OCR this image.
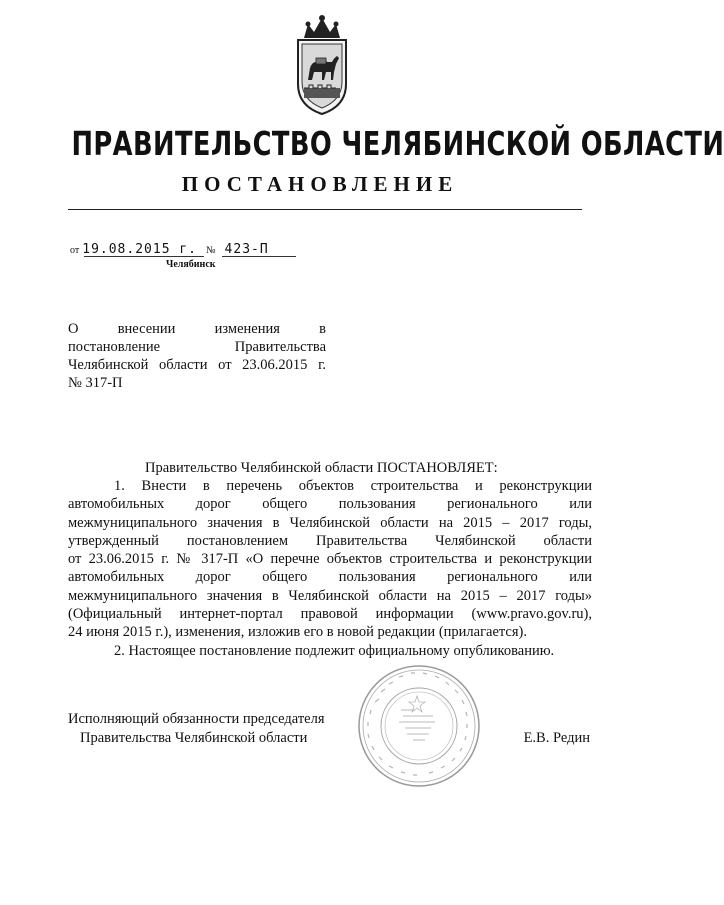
ПРАВИТЕЛЬСТВО ЧЕЛЯБИНСКОЙ ОБЛАСТИ
ПОСТАНОВЛЕНИЕ
от 19.08.2015 г. № 423-П
Челябинск
О внесении изменения в
постановление Правительства
Челябинской области от 23.06.2015 г.
№ 317-П
Правительство Челябинской области ПОСТАНОВЛЯЕТ:
1. Внести в перечень объектов строительства и реконструкции
автомобильных дорог общего пользования регионального или
межмуниципального значения в Челябинской области на 2015 – 2017 годы,
утвержденный постановлением Правительства Челябинской области
от 23.06.2015 г. № 317-П «О перечне объектов строительства и реконструкции
автомобильных дорог общего пользования регионального или
межмуниципального значения в Челябинской области на 2015 – 2017 годы»
(Официальный интернет-портал правовой информации (www.pravo.gov.ru),
24 июня 2015 г.), изменения, изложив его в новой редакции (прилагается).
2. Настоящее постановление подлежит официальному опубликованию.
Исполняющий обязанности председателя
Правительства Челябинской области	Е.В. Редин
